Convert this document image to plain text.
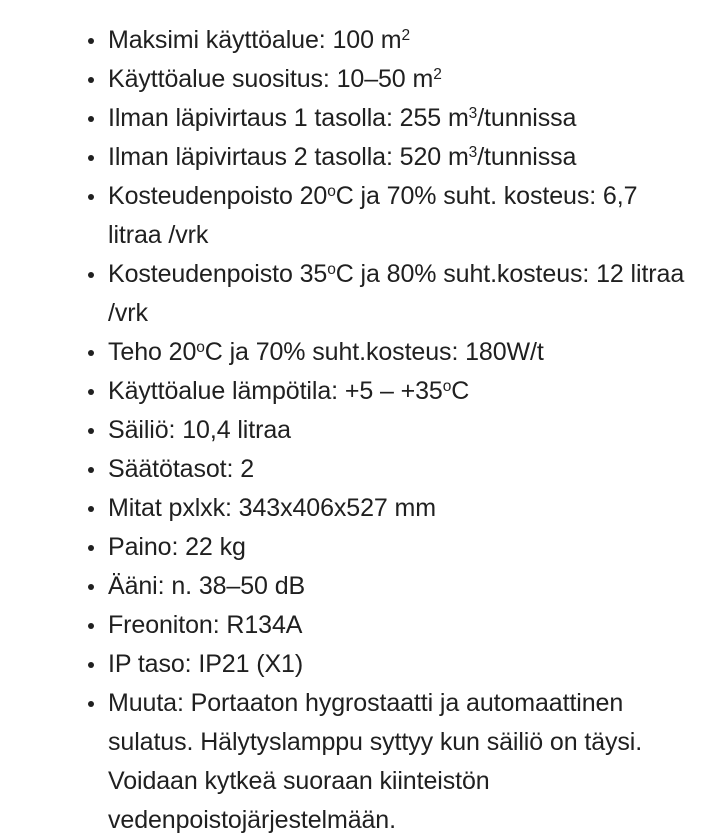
Maksimi käyttöalue: 100 $m^2$
Käyttöalue suositus: 10–50 $m^2$
Ilman läpivirtaus 1 tasolla: 255 $m^3$/tunnissa
Ilman läpivirtaus 2 tasolla: 520 $m^3$/tunnissa
Kosteudenpoisto 20$^o$C ja 70% suht. kosteus: 6,7 litraa /vrk
Kosteudenpoisto 35$^o$C ja 80% suht.kosteus: 12 litraa /vrk
Teho 20$^o$C ja 70% suht.kosteus: 180W/t
Käyttöalue lämpötila: $+5 - +35^oC$
Säiliö: 10,4 litraa
Säätötasot: 2
Mitat pxlxk: 343x406x527 mm
Paino: 22 kg
Ääni: n. 38–50 dB
Freoniton: R134A
IP taso: IP21 (X1)
Muuta: Portaaton hygrostaatti ja automaattinen sulatus. Hälytyslamppu syttyy kun säiliö on täysi. Voidaan kytkeä suoraan kiinteistön vedenpoistojärjestelmään.
